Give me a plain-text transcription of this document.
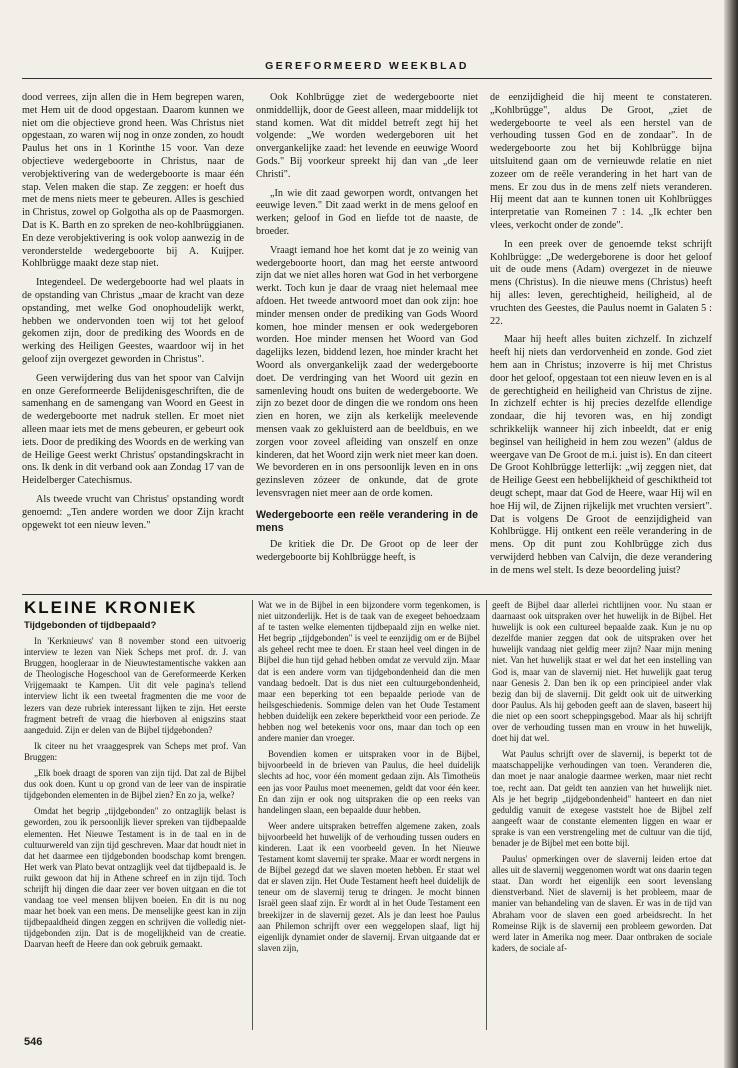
GEREFORMEERD WEEKBLAD

dood verrees, zijn allen die in Hem begrepen waren, met Hem uit de dood opgestaan. Daarom kunnen we niet om die objectieve grond heen. Was Christus niet opgestaan, zo waren wij nog in onze zonden, zo houdt Paulus het ons in 1 Korinthe 15 voor. Van deze objectieve wedergeboorte in Christus, naar de verobjektivering van de wedergeboorte is maar één stap. Velen maken die stap. Ze zeggen: er hoeft dus met de mens niets meer te gebeuren. Alles is geschied in Christus, zowel op Golgotha als op de Paasmorgen. Dat is K. Barth en zo spreken de neo-kohlbrüggianen. En deze verobjektivering is ook volop aanwezig in de veronderstelde wedergeboorte bij A. Kuijper. Kohlbrügge maakt deze stap niet.

Integendeel. De wedergeboorte had wel plaats in de opstanding van Christus „maar de kracht van deze opstanding, met welke God onophoudelijk werkt, hebben we ondervonden toen wij tot het geloof gekomen zijn, door de prediking des Woords en de werking des Heiligen Geestes, waardoor wij in het geloof zijn overgezet geworden in Christus".

Geen verwijdering dus van het spoor van Calvijn en onze Gereformeerde Belijdenisgeschriften, die de samenhang en de samengang van Woord en Geest in de wedergeboorte met nadruk stellen. Er moet niet alleen maar iets met de mens gebeuren, er gebeurt ook iets. Door de prediking des Woords en de werking van de Heilige Geest werkt Christus' opstandingskracht in ons. Ik denk in dit verband ook aan Zondag 17 van de Heidelberger Catechismus.

Als tweede vrucht van Christus' opstanding wordt genoemd: „Ten andere worden we door Zijn kracht opgewekt tot een nieuw leven."

Ook Kohlbrügge ziet de wedergeboorte niet onmiddellijk, door de Geest alleen, maar middelijk tot stand komen. Wat dit middel betreft zegt hij het volgende: „We worden wedergeboren uit het onvergankelijke zaad: het levende en eeuwige Woord Gods." Bij voorkeur spreekt hij dan van „de leer Christi".

„In wie dit zaad geworpen wordt, ontvangen het eeuwige leven." Dit zaad werkt in de mens geloof en werken; geloof in God en liefde tot de naaste, de broeder.

Vraagt iemand hoe het komt dat je zo weinig van wedergeboorte hoort, dan mag het eerste antwoord zijn dat we niet alles horen wat God in het verborgene werkt. Toch kun je daar de vraag niet helemaal mee afdoen. Het tweede antwoord moet dan ook zijn: hoe minder mensen onder de prediking van Gods Woord komen, hoe minder mensen er ook wedergeboren worden. Hoe minder mensen het Woord van God dagelijks lezen, biddend lezen, hoe minder kracht het Woord als onvergankelijk zaad der wedergeboorte doet. De verdringing van het Woord uit gezin en samenleving houdt ons buiten de wedergeboorte. We zijn zo bezet door de dingen die we rondom ons heen zien en horen, we zijn als kerkelijk meelevende mensen vaak zo gekluisterd aan de beeldbuis, en we zorgen voor zoveel afleiding van onszelf en onze kinderen, dat het Woord zijn werk niet meer kan doen. We bevorderen en in ons persoonlijk leven en in ons gezinsleven zózeer de onkunde, dat de grote levensvragen niet meer aan de orde komen.

Wedergeboorte een reële verandering in de mens

De kritiek die Dr. De Groot op de leer der wedergeboorte bij Kohlbrügge heeft, is

de eenzijdigheid die hij meent te constateren. „Kohlbrügge", aldus De Groot, „ziet de wedergeboorte te veel als een herstel van de verhouding tussen God en de zondaar". In de wedergeboorte zou het bij Kohlbrügge bijna uitsluitend gaan om de vernieuwde relatie en niet zozeer om de reële verandering in het hart van de mens. Er zou dus in de mens zelf niets veranderen. Hij meent dat aan te kunnen tonen uit Kohlbrügges interpretatie van Romeinen 7 : 14. „Ik echter ben vlees, verkocht onder de zonde".

In een preek over de genoemde tekst schrijft Kohlbrügge: „De wedergeborene is door het geloof uit de oude mens (Adam) overgezet in de nieuwe mens (Christus). In die nieuwe mens (Christus) heeft hij alles: leven, gerechtigheid, heiligheid, al de vruchten des Geestes, die Paulus noemt in Galaten 5 : 22.

Maar hij heeft alles buiten zichzelf. In zichzelf heeft hij niets dan verdorvenheid en zonde. God ziet hem aan in Christus; inzoverre is hij met Christus door het geloof, opgestaan tot een nieuw leven en is al de gerechtigheid en heiligheid van Christus de zijne. In zichzelf echter is hij precies dezelfde ellendige zondaar, die hij tevoren was, en hij zondigt schrikkelijk wanneer hij zich inbeeldt, dat er enig beginsel van heiligheid in hem zou wezen" (aldus de weergave van De Groot de m.i. juist is). En dan citeert De Groot Kohlbrügge letterlijk: „wij zeggen niet, dat de Heilige Geest een hebbelijkheid of geschiktheid tot deugt schept, maar dat God de Heere, waar Hij wil en hoe Hij wil, de Zijnen rijkelijk met vruchten versiert". Dat is volgens De Groot de eenzijdigheid van Kohlbrügge. Hij ontkent een reële verandering in de mens. Op dit punt zou Kohlbrügge zich dus verwijderd hebben van Calvijn, die deze verandering in de mens wel stelt. Is deze beoordeling juist?

KLEINE KRONIEK
Tijdgebonden of tijdbepaald?

In 'Kerknieuws' van 8 november stond een uitvoerig interview te lezen van Niek Scheps met prof. dr. J. van Bruggen, hoogleraar in de Nieuwtestamentische vakken aan de Theologische Hogeschool van de Gereformeerde Kerken Vrijgemaakt te Kampen. Uit dit vele pagina's tellend interview licht ik een tweetal fragmenten die me voor de lezers van deze rubriek interessant lijken te zijn. Het eerste fragment betreft de vraag die hierboven al enigszins staat aangeduid. Zijn er delen van de Bijbel tijdgebonden?

Ik citeer nu het vraaggesprek van Scheps met prof. Van Bruggen:

„Elk boek draagt de sporen van zijn tijd. Dat zal de Bijbel dus ook doen. Kunt u op grond van de leer van de inspiratie tijdgebonden elementen in de Bijbel zien? En zo ja, welke?

Omdat het begrip „tijdgebonden" zo ontzaglijk belast is geworden, zou ik persoonlijk liever spreken van tijdbepaalde elementen. Het Nieuwe Testament is in de taal en in de cultuurwereld van zijn tijd geschreven. Maar dat houdt niet in dat het daarmee een tijdgebonden boodschap komt brengen. Het werk van Plato bevat ontzaglijk veel dat tijdbepaald is. Je ruikt gewoon dat hij in Athene schreef en in zijn tijd. Toch schrijft hij dingen die daar zeer ver boven uitgaan en die tot vandaag toe veel mensen blijven boeien. En dit is nu nog maar het boek van een mens. De menselijke geest kan in zijn tijdbepaaldheid dingen zeggen en schrijven die volledig niet-tijdgebonden zijn. Dat is de mogelijkheid van de creatie. Daarvan heeft de Heere dan ook gebruik gemaakt.

Wat we in de Bijbel in een bijzondere vorm tegenkomen, is niet uitzonderlijk. Het is de taak van de exegeet behoedzaam af te tasten welke elementen tijdbepaald zijn en welke niet. Het begrip „tijdgebonden" is veel te eenzijdig om er de Bijbel als geheel recht mee te doen. Er staan heel veel dingen in de Bijbel die hun tijd gehad hebben omdat ze vervuld zijn. Maar dat is een andere vorm van tijdgebondenheid dan die men vandaag bedoelt. Dat is dus niet een cultuurgebondenheid, maar een beperking tot een bepaalde periode van de heilsgeschiedenis. Sommige delen van het Oude Testament hebben duidelijk een zekere beperktheid voor een periode. Ze hebben nog wel betekenis voor ons, maar dan toch op een andere manier dan vroeger.

Bovendien komen er uitspraken voor in de Bijbel, bijvoorbeeld in de brieven van Paulus, die heel duidelijk slechts ad hoc, voor één moment gedaan zijn. Als Timotheüs een jas voor Paulus moet meenemen, geldt dat voor één keer. En dan zijn er ook nog uitspraken die op een reeks van handelingen slaan, een bepaalde duur hebben.

Weer andere uitspraken betreffen algemene zaken, zoals bijvoorbeeld het huwelijk of de verhouding tussen ouders en kinderen. Laat ik een voorbeeld geven. In het Nieuwe Testament komt slavernij ter sprake. Maar er wordt nergens in de Bijbel gezegd dat we slaven moeten hebben. Er staat wel dat er slaven zijn. Het Oude Testament heeft heel duidelijk de teneur om de slavernij terug te dringen. Je mocht binnen Israël geen slaaf zijn. Er wordt al in het Oude Testament een breekijzer in de slavernij gezet. Als je dan leest hoe Paulus aan Philemon schrijft over een weggelopen slaaf, ligt hij eigenlijk dynamiet onder de slavernij. Ervan uitgaande dat er slaven zijn,

geeft de Bijbel daar allerlei richtlijnen voor. Nu staan er daarnaast ook uitspraken over het huwelijk in de Bijbel. Het huwelijk is ook een cultureel bepaalde zaak. Kun je nu op dezelfde manier zeggen dat ook de uitspraken over het huwelijk vandaag niet geldig meer zijn? Naar mijn mening niet. Van het huwelijk staat er wel dat het een instelling van God is, maar van de slavernij niet. Het huwelijk gaat terug naar Genesis 2. Dan ben ik op een principieel ander vlak bezig dan bij de slavernij. Dit geldt ook uit de uitwerking door Paulus. Als hij geboden geeft aan de slaven, baseert hij die niet op een soort scheppingsgebod. Maar als hij schrijft over de verhouding tussen man en vrouw in het huwelijk, doet hij dat wel.

Wat Paulus schrijft over de slavernij, is beperkt tot de maatschappelijke verhoudingen van toen. Veranderen die, dan moet je naar analogie daarmee werken, maar niet recht toe, recht aan. Dat geldt ten aanzien van het huwelijk niet. Als je het begrip „tijdgebondenheid" hanteert en dan niet geduldig vanuit de exegese vaststelt hoe de Bijbel zelf aangeeft waar de constante elementen liggen en waar er sprake is van een verstrengeling met de cultuur van die tijd, benader je de Bijbel met een botte bijl.

Paulus' opmerkingen over de slavernij leiden ertoe dat alles uit de slavernij weggenomen wordt wat ons daarin tegen staat. Dan wordt het eigenlijk een soort levenslang dienstverband. Niet de slavernij is het probleem, maar de manier van behandeling van de slaven. Er was in de tijd van Abraham voor de slaven een goed arbeidsrecht. In het Romeinse Rijk is de slavernij een probleem geworden. Dat werd later in Amerika nog meer. Daar ontbraken de sociale kaders, de sociale af-

546
